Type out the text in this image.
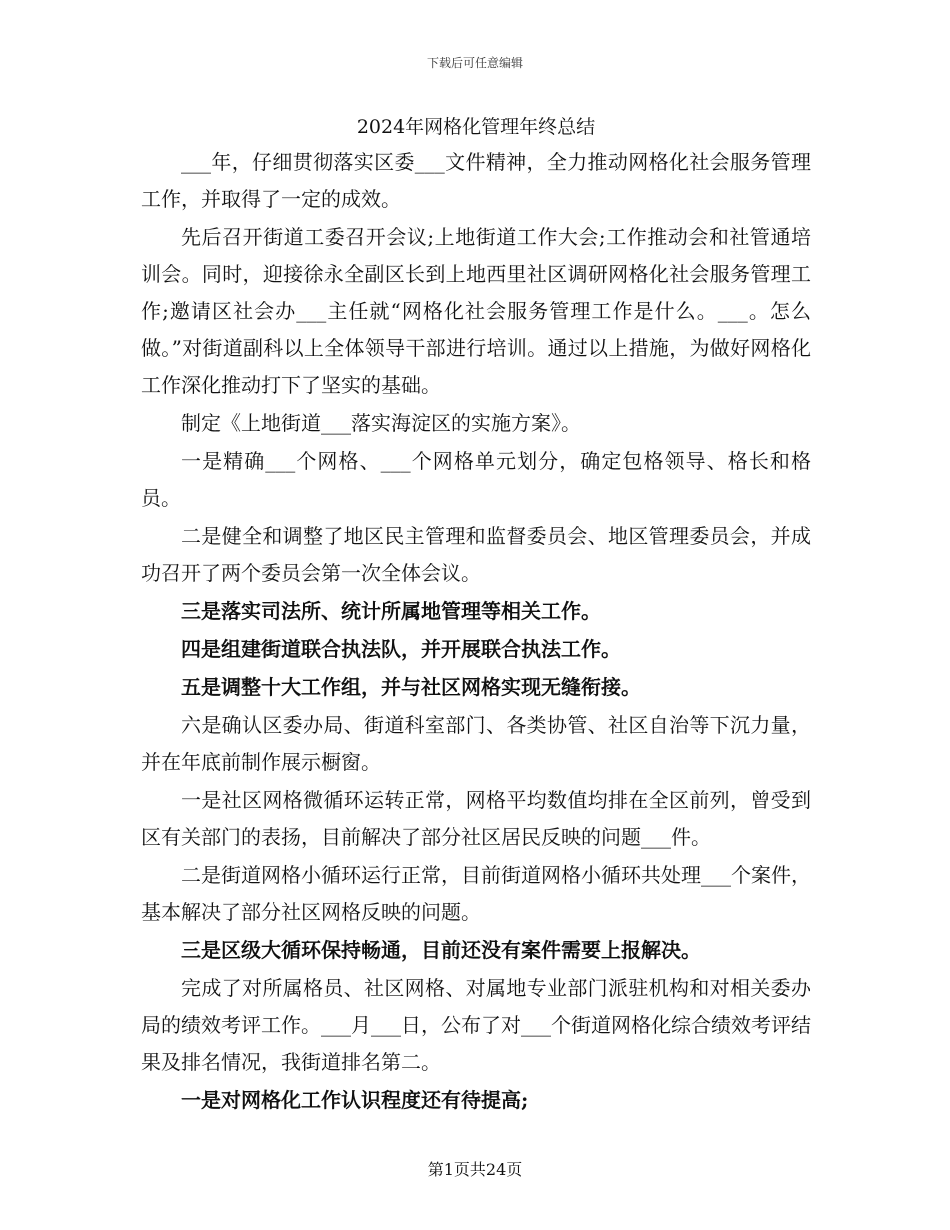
下载后可任意编辑
2024年网格化管理年终总结

___年，仔细贯彻落实区委___文件精神，全力推动网格化社会服务管理工作，并取得了一定的成效。

先后召开街道工委召开会议;上地街道工作大会;工作推动会和社管通培训会。同时，迎接徐永全副区长到上地西里社区调研网格化社会服务管理工作;邀请区社会办___主任就“网格化社会服务管理工作是什么。___。怎么做。”对街道副科以上全体领导干部进行培训。通过以上措施，为做好网格化工作深化推动打下了坚实的基础。

制定《上地街道___落实海淀区的实施方案》。

一是精确___个网格、___个网格单元划分，确定包格领导、格长和格员。

二是健全和调整了地区民主管理和监督委员会、地区管理委员会，并成功召开了两个委员会第一次全体会议。

三是落实司法所、统计所属地管理等相关工作。

四是组建街道联合执法队，并开展联合执法工作。

五是调整十大工作组，并与社区网格实现无缝衔接。

六是确认区委办局、街道科室部门、各类协管、社区自治等下沉力量，并在年底前制作展示橱窗。

一是社区网格微循环运转正常，网格平均数值均排在全区前列，曾受到区有关部门的表扬，目前解决了部分社区居民反映的问题___件。

二是街道网格小循环运行正常，目前街道网格小循环共处理___个案件，基本解决了部分社区网格反映的问题。

三是区级大循环保持畅通，目前还没有案件需要上报解决。

完成了对所属格员、社区网格、对属地专业部门派驻机构和对相关委办局的绩效考评工作。___月___日，公布了对___个街道网格化综合绩效考评结果及排名情况，我街道排名第二。

一是对网格化工作认识程度还有待提高;

第1页共24页
